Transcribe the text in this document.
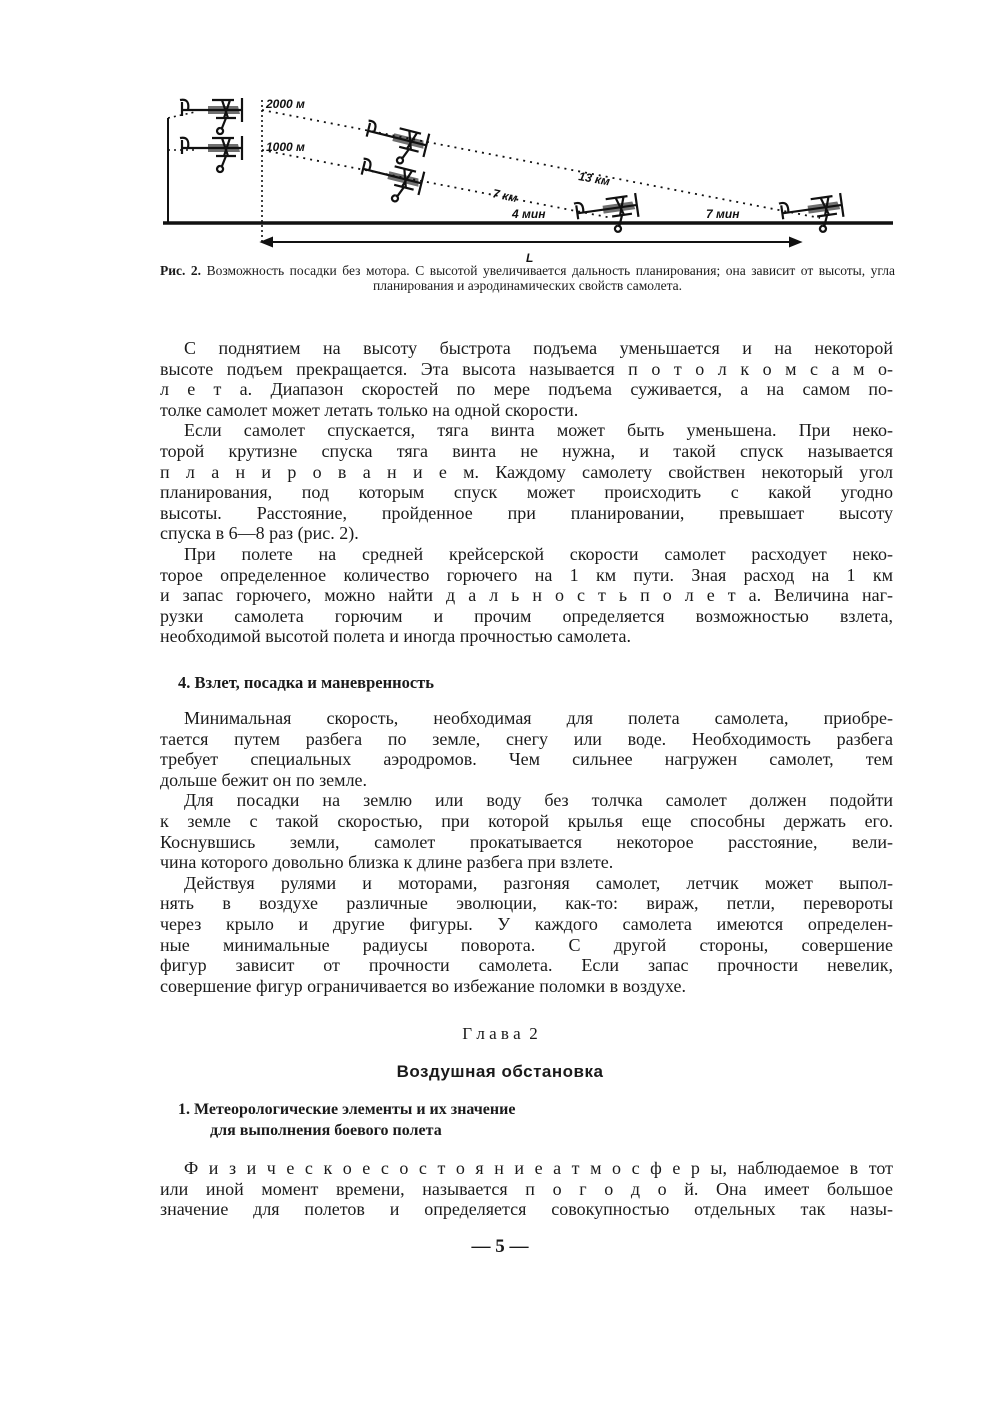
2000 м
1000 м
13 км
7 км
4 мин	7 мин
L
Рис. 2. Возможность посадки без мотора. С высотой увеличивается дальность планирования; она зависит от высоты, угла планирования и аэродинамических свойств самолета.
С поднятием на высоту быстрота подъема уменьшается и на некоторой
высоте подъем прекращается. Эта высота называется п о т о л к о м с а м о-
л е т а. Диапазон скоростей по мере подъема суживается, а на самом по-
толке самолет может летать только на одной скорости.
Если самолет спускается, тяга винта может быть уменьшена. При неко-
торой крутизне спуска тяга винта не нужна, и такой спуск называется
п л а н и р о в а н и е м. Каждому самолету свойствен некоторый угол
планирования, под которым спуск может происходить с какой угодно
высоты. Расстояние, пройденное при планировании, превышает высоту
спуска в 6—8 раз (рис. 2).
При полете на средней крейсерской скорости самолет расходует неко-
торое определенное количество горючего на 1 км пути. Зная расход на 1 км
и запас горючего, можно найти д а л ь н о с т ь п о л е т а. Величина наг-
рузки самолета горючим и прочим определяется возможностью взлета,
необходимой высотой полета и иногда прочностью самолета.
4. Взлет, посадка и маневренность
Минимальная скорость, необходимая для полета самолета, приобре-
тается путем разбега по земле, снегу или воде. Необходимость разбега
требует специальных аэродромов. Чем сильнее нагружен самолет, тем
дольше бежит он по земле.
Для посадки на землю или воду без толчка самолет должен подойти
к земле с такой скоростью, при которой крылья еще способны держать его.
Коснувшись земли, самолет прокатывается некоторое расстояние, вели-
чина которого довольно близка к длине разбега при взлете.
Действуя рулями и моторами, разгоняя самолет, летчик может выпол-
нять в воздухе различные эволюции, как-то: вираж, петли, перевороты
через крыло и другие фигуры. У каждого самолета имеются определен-
ные минимальные радиусы поворота. С другой стороны, совершение
фигур зависит от прочности самолета. Если запас прочности невелик,
совершение фигур ограничивается во избежание поломки в воздухе.
Г л а в а  2
Воздушная обстановка
1. Метеорологические элементы и их значение
для выполнения боевого полета
Ф и з и ч е с к о е с о с т о я н и е а т м о с ф е р ы, наблюдаемое в тот
или иной момент времени, называется п о г о д о й. Она имеет большое
значение для полетов и определяется совокупностью отдельных так назы-
— 5 —
